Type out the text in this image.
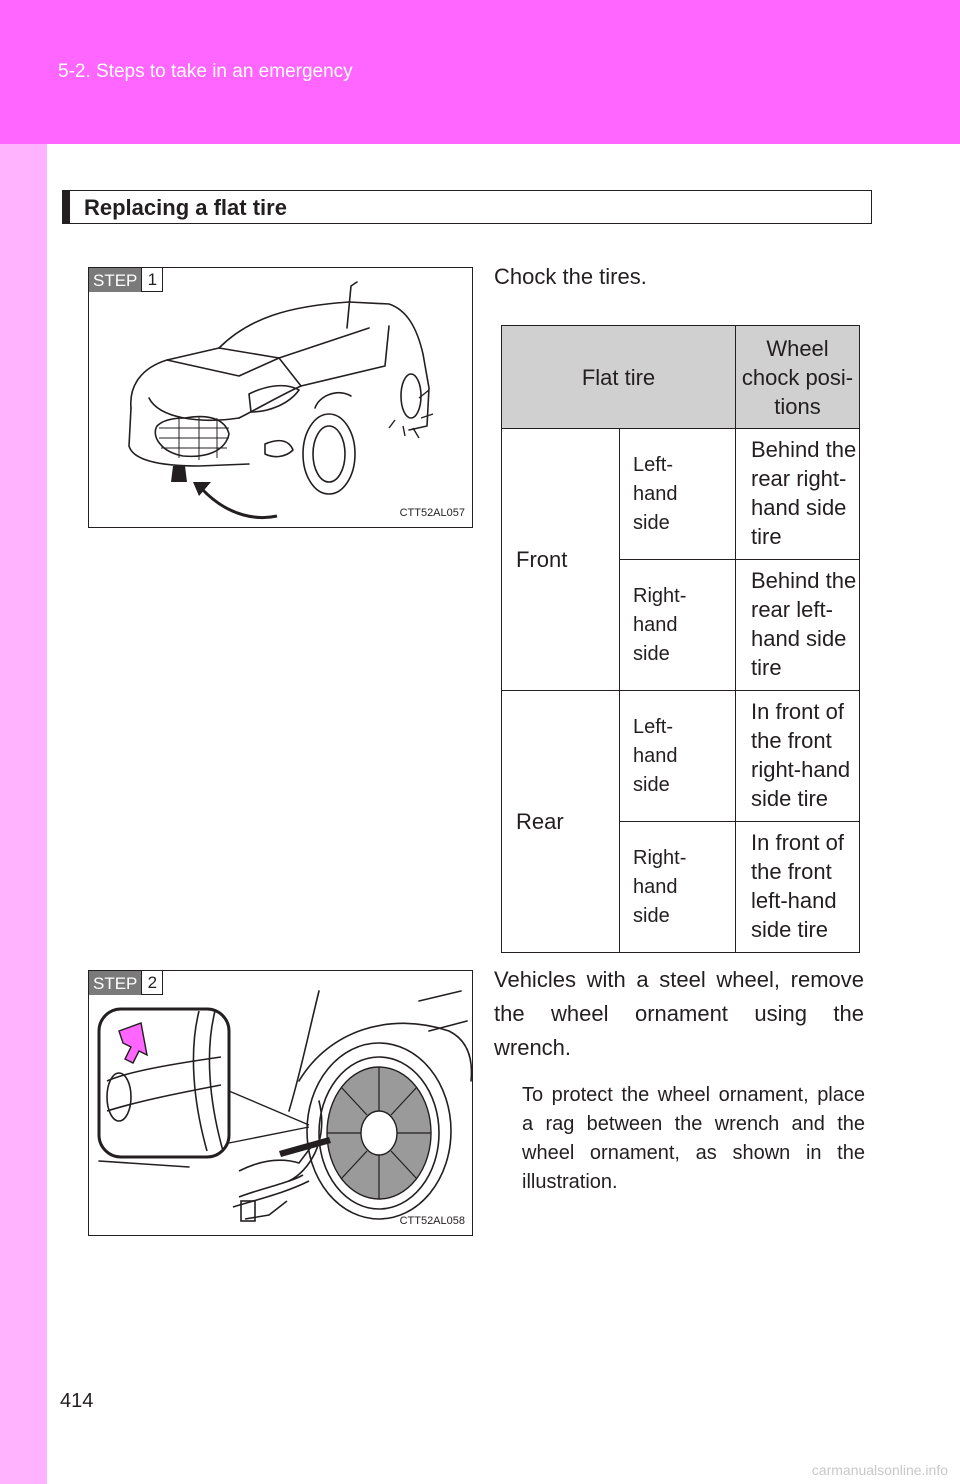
5-2. Steps to take in an emergency
Replacing a flat tire
STEP 1
CTT52AL057
Chock the tires.
Flat tire		Wheel
chock posi-
tions
Front	Left-
hand
side	Behind the
rear right-
hand side
tire
	Right-
hand
side	Behind the
rear left-
hand side
tire
Rear	Left-
hand
side	In front of
the front
right-hand
side tire
	Right-
hand
side	In front of
the front
left-hand
side tire
STEP 2
CTT52AL058
Vehicles with a steel wheel, remove the wheel ornament using the wrench.
To protect the wheel ornament, place a rag between the wrench and the wheel ornament, as shown in the illustration.
414
carmanualsonline.info
